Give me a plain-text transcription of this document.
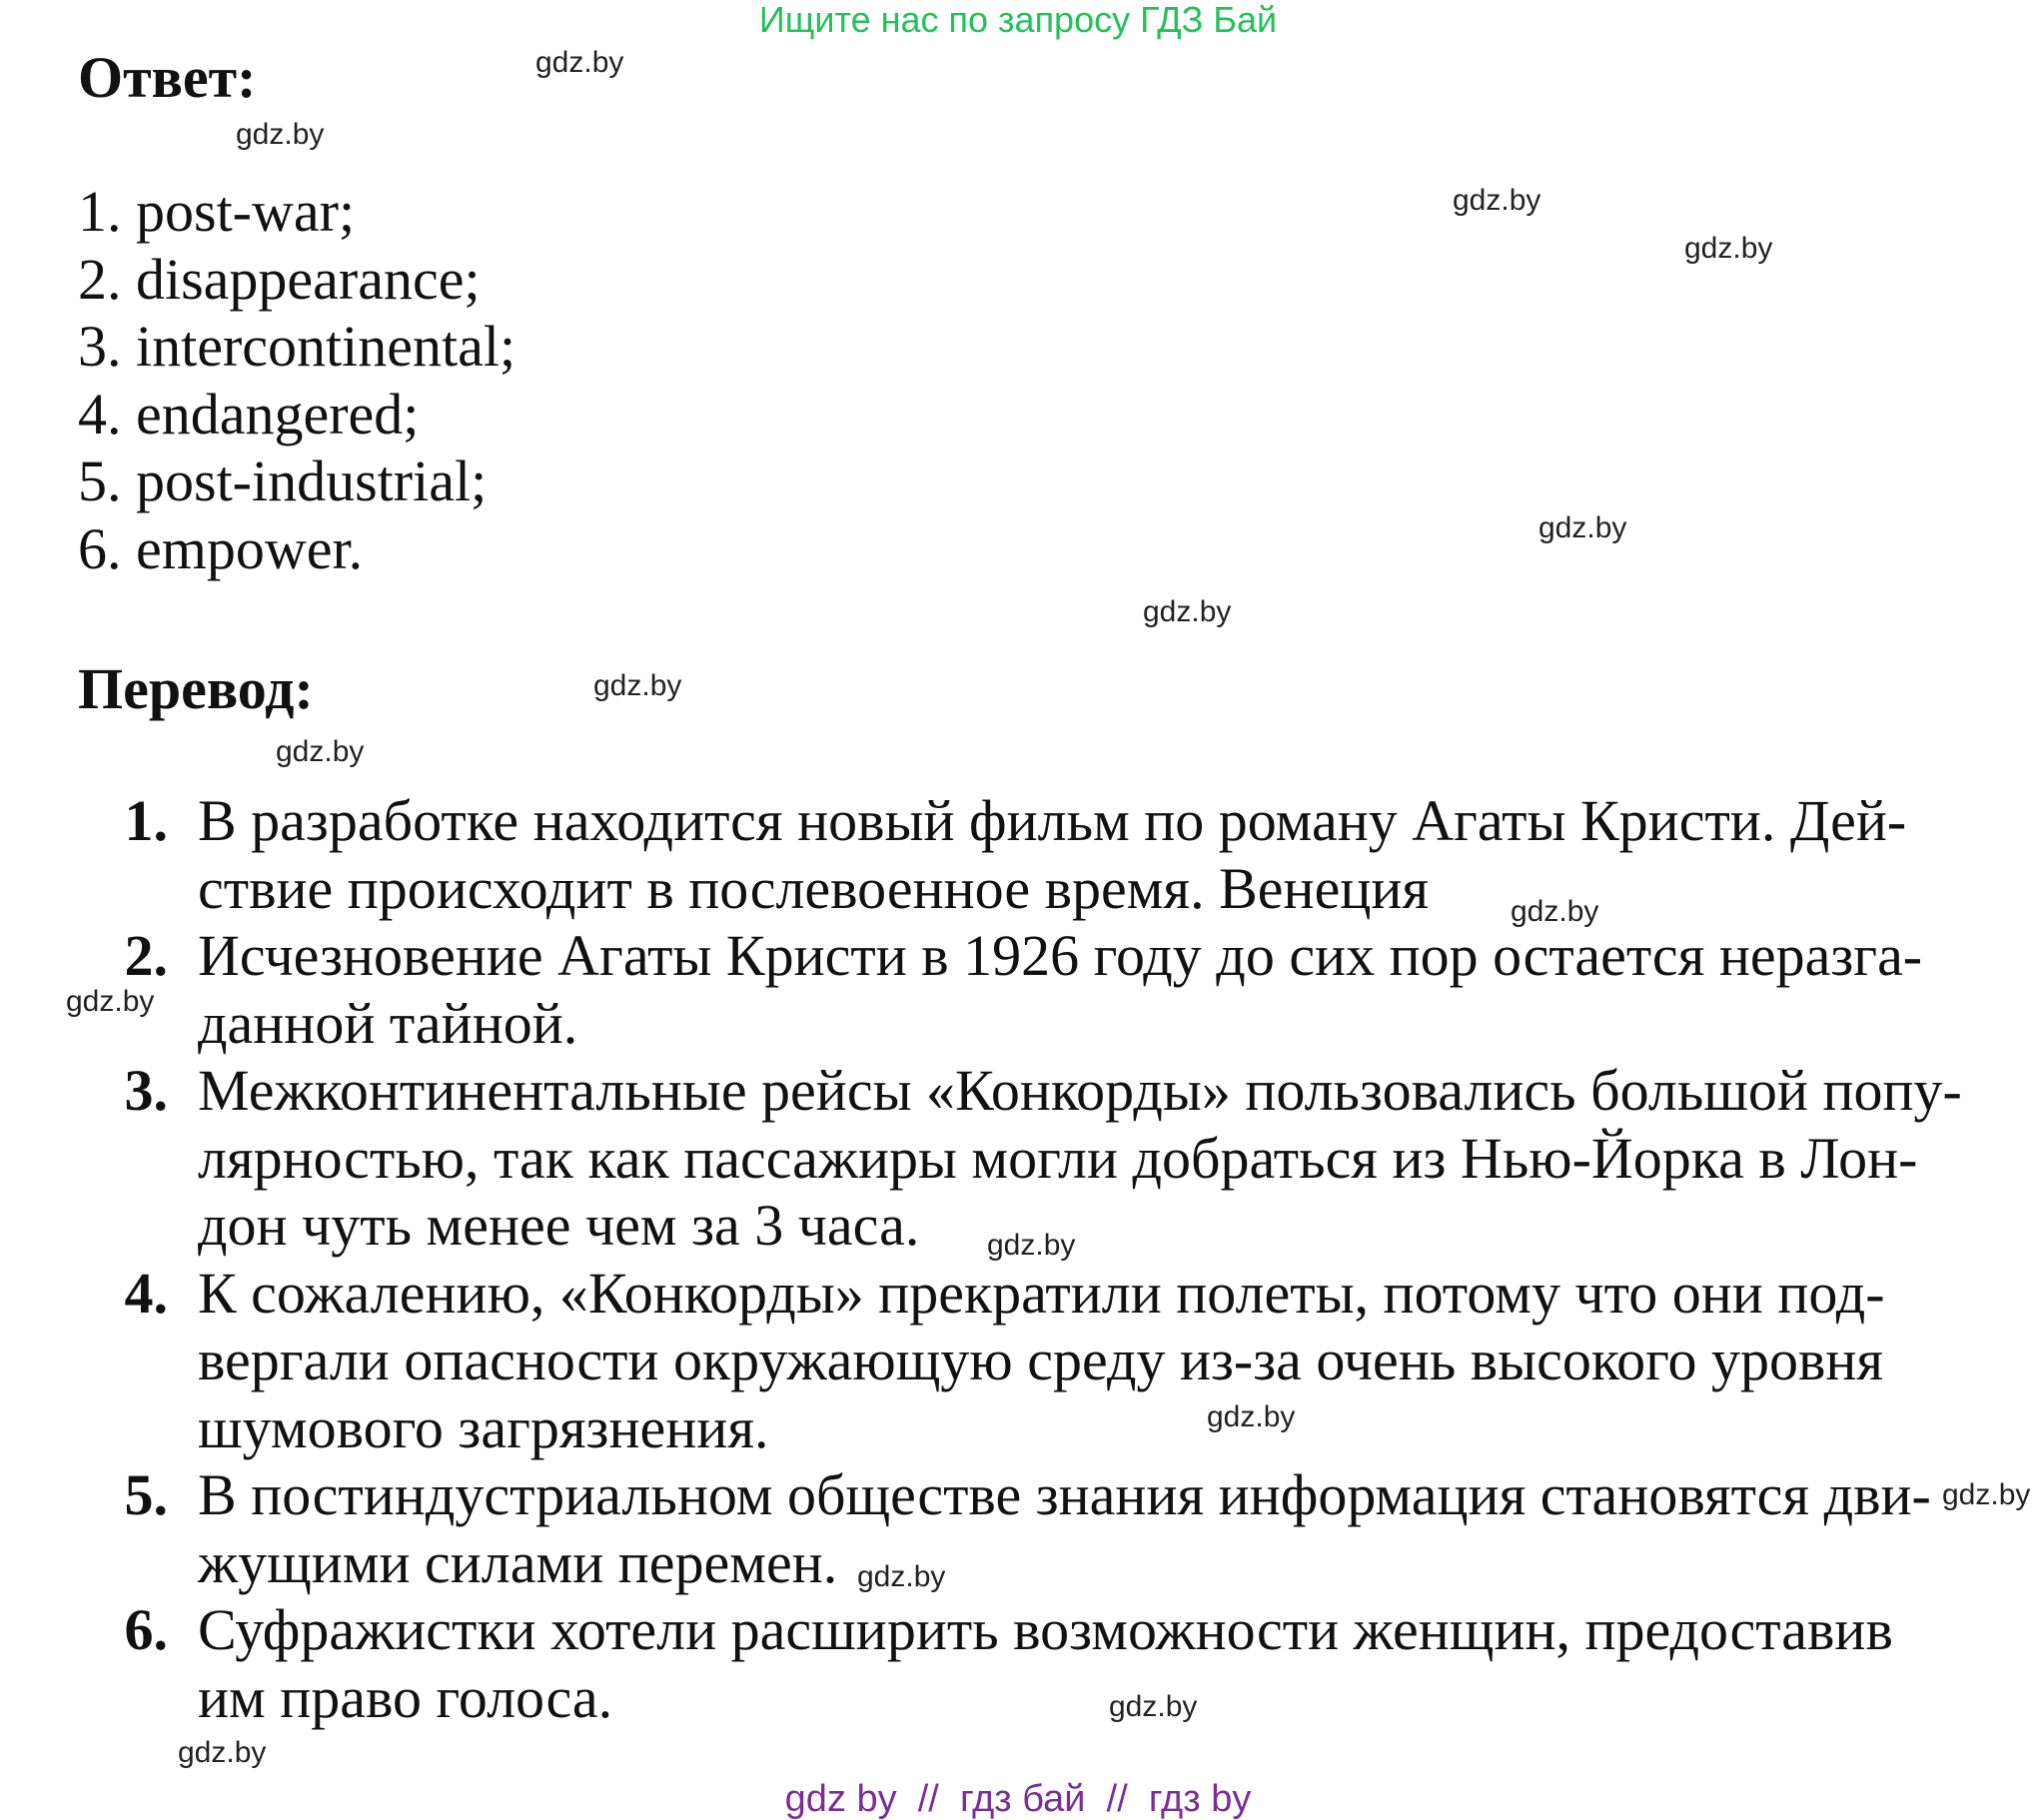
Ищите нас по запросу ГДЗ Бай
Ответ:
1. post-war;
2. disappearance;
3. intercontinental;
4. endangered;
5. post-industrial;
6. empower.
Перевод:
1. В разработке находится новый фильм по роману Агаты Кристи. Дей-
ствие происходит в послевоенное время. Венеция
2. Исчезновение Агаты Кристи в 1926 году до сих пор остается неразга-
данной тайной.
3. Межконтинентальные рейсы «Конкорды» пользовались большой попу-
лярностью, так как пассажиры могли добраться из Нью-Йорка в Лон-
дон чуть менее чем за 3 часа.
4. К сожалению, «Конкорды» прекратили полеты, потому что они под-
вергали опасности окружающую среду из-за очень высокого уровня
шумового загрязнения.
5. В постиндустриальном обществе знания информация становятся дви-
жущими силами перемен.
6. Суфражистки хотели расширить возможности женщин, предоставив
им право голоса.
gdz.by
gdz.by
gdz.by
gdz.by
gdz.by
gdz.by
gdz.by
gdz.by
gdz.by
gdz.by
gdz.by
gdz.by
gdz.by
gdz.by
gdz.by
gdz.by
gdz by  //  гдз бай  //  гдз by
